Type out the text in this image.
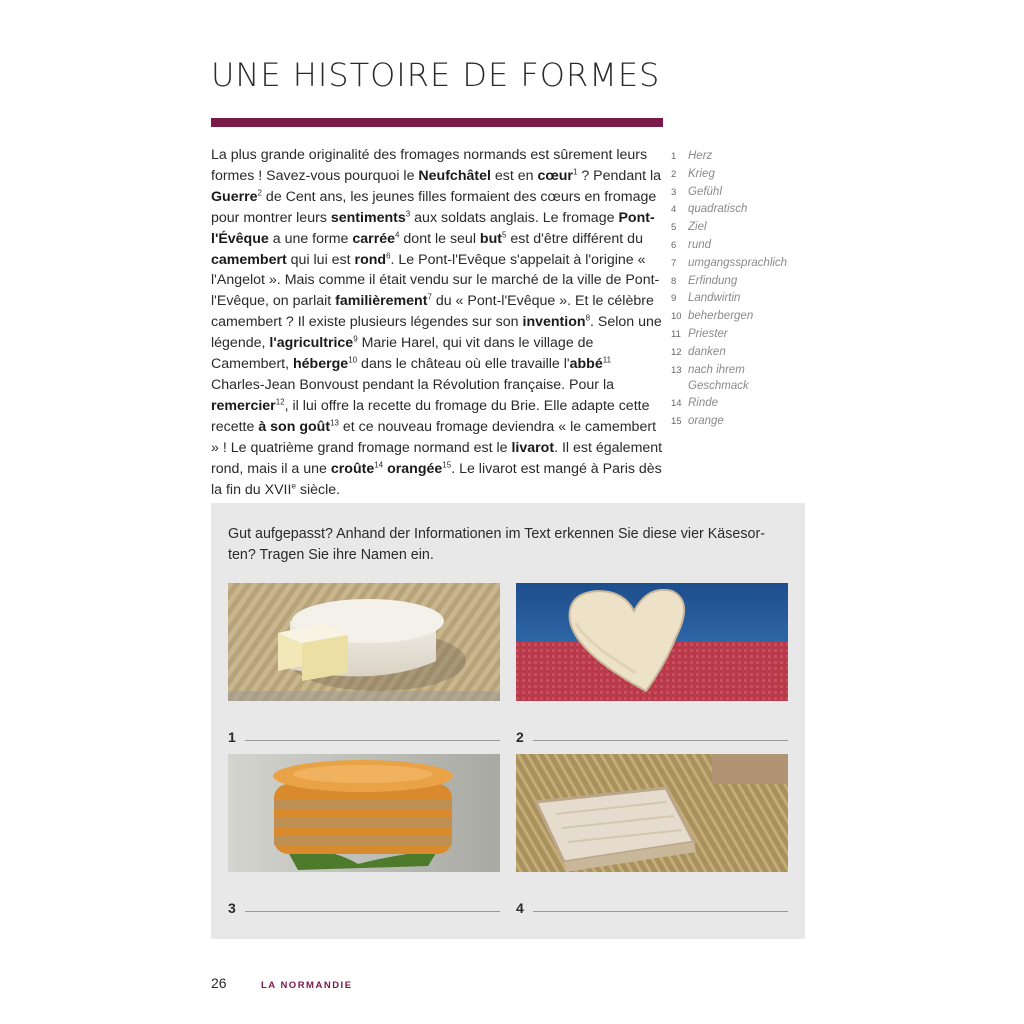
UNE HISTOIRE DE FORMES

La plus grande originalité des fromages normands est sûrement leurs formes ! Savez-vous pourquoi le Neufchâtel est en cœur$^1$ ? Pendant la Guerre$^2$ de Cent ans, les jeunes filles formaient des cœurs en fromage pour montrer leurs sentiments$^3$ aux soldats anglais. Le fromage Pont-l'Évêque a une forme carrée$^4$ dont le seul but$^5$ est d'être différent du camembert qui lui est rond$^6$. Le Pont-l'Evêque s'appelait à l'origine « l'Angelot ». Mais comme il était vendu sur le marché de la ville de Pont-l'Evêque, on parlait familièrement$^7$ du « Pont-l'Evêque ». Et le célèbre camembert ? Il existe plusieurs légendes sur son invention$^8$. Selon une légende, l'agricultrice$^9$ Marie Harel, qui vit dans le village de Camembert, héberge$^{10}$ dans le château où elle travaille l'abbé$^{11}$ Charles-Jean Bonvoust pendant la Révolution française. Pour la remercier$^{12}$, il lui offre la recette du fromage du Brie. Elle adapte cette recette à son goût$^{13}$ et ce nouveau fromage deviendra « le camembert » ! Le quatrième grand fromage normand est le livarot. Il est également rond, mais il a une croûte$^{14}$ orangée$^{15}$. Le livarot est mangé à Paris dès la fin du XVIIe siècle.

1	Herz
2	Krieg
3	Gefühl
4	quadratisch
5	Ziel
6	rund
7	umgangssprachlich
8	Erfindung
9	Landwirtin
10 beherbergen
11 Priester
12 danken
13 nach ihrem Geschmack
14 Rinde
15 orange
Gut aufgepasst? Anhand der Informationen im Text erkennen Sie diese vier Käsesor-ten? Tragen Sie ihre Namen ein.
1	2
3	4
26	LA NORMANDIE
